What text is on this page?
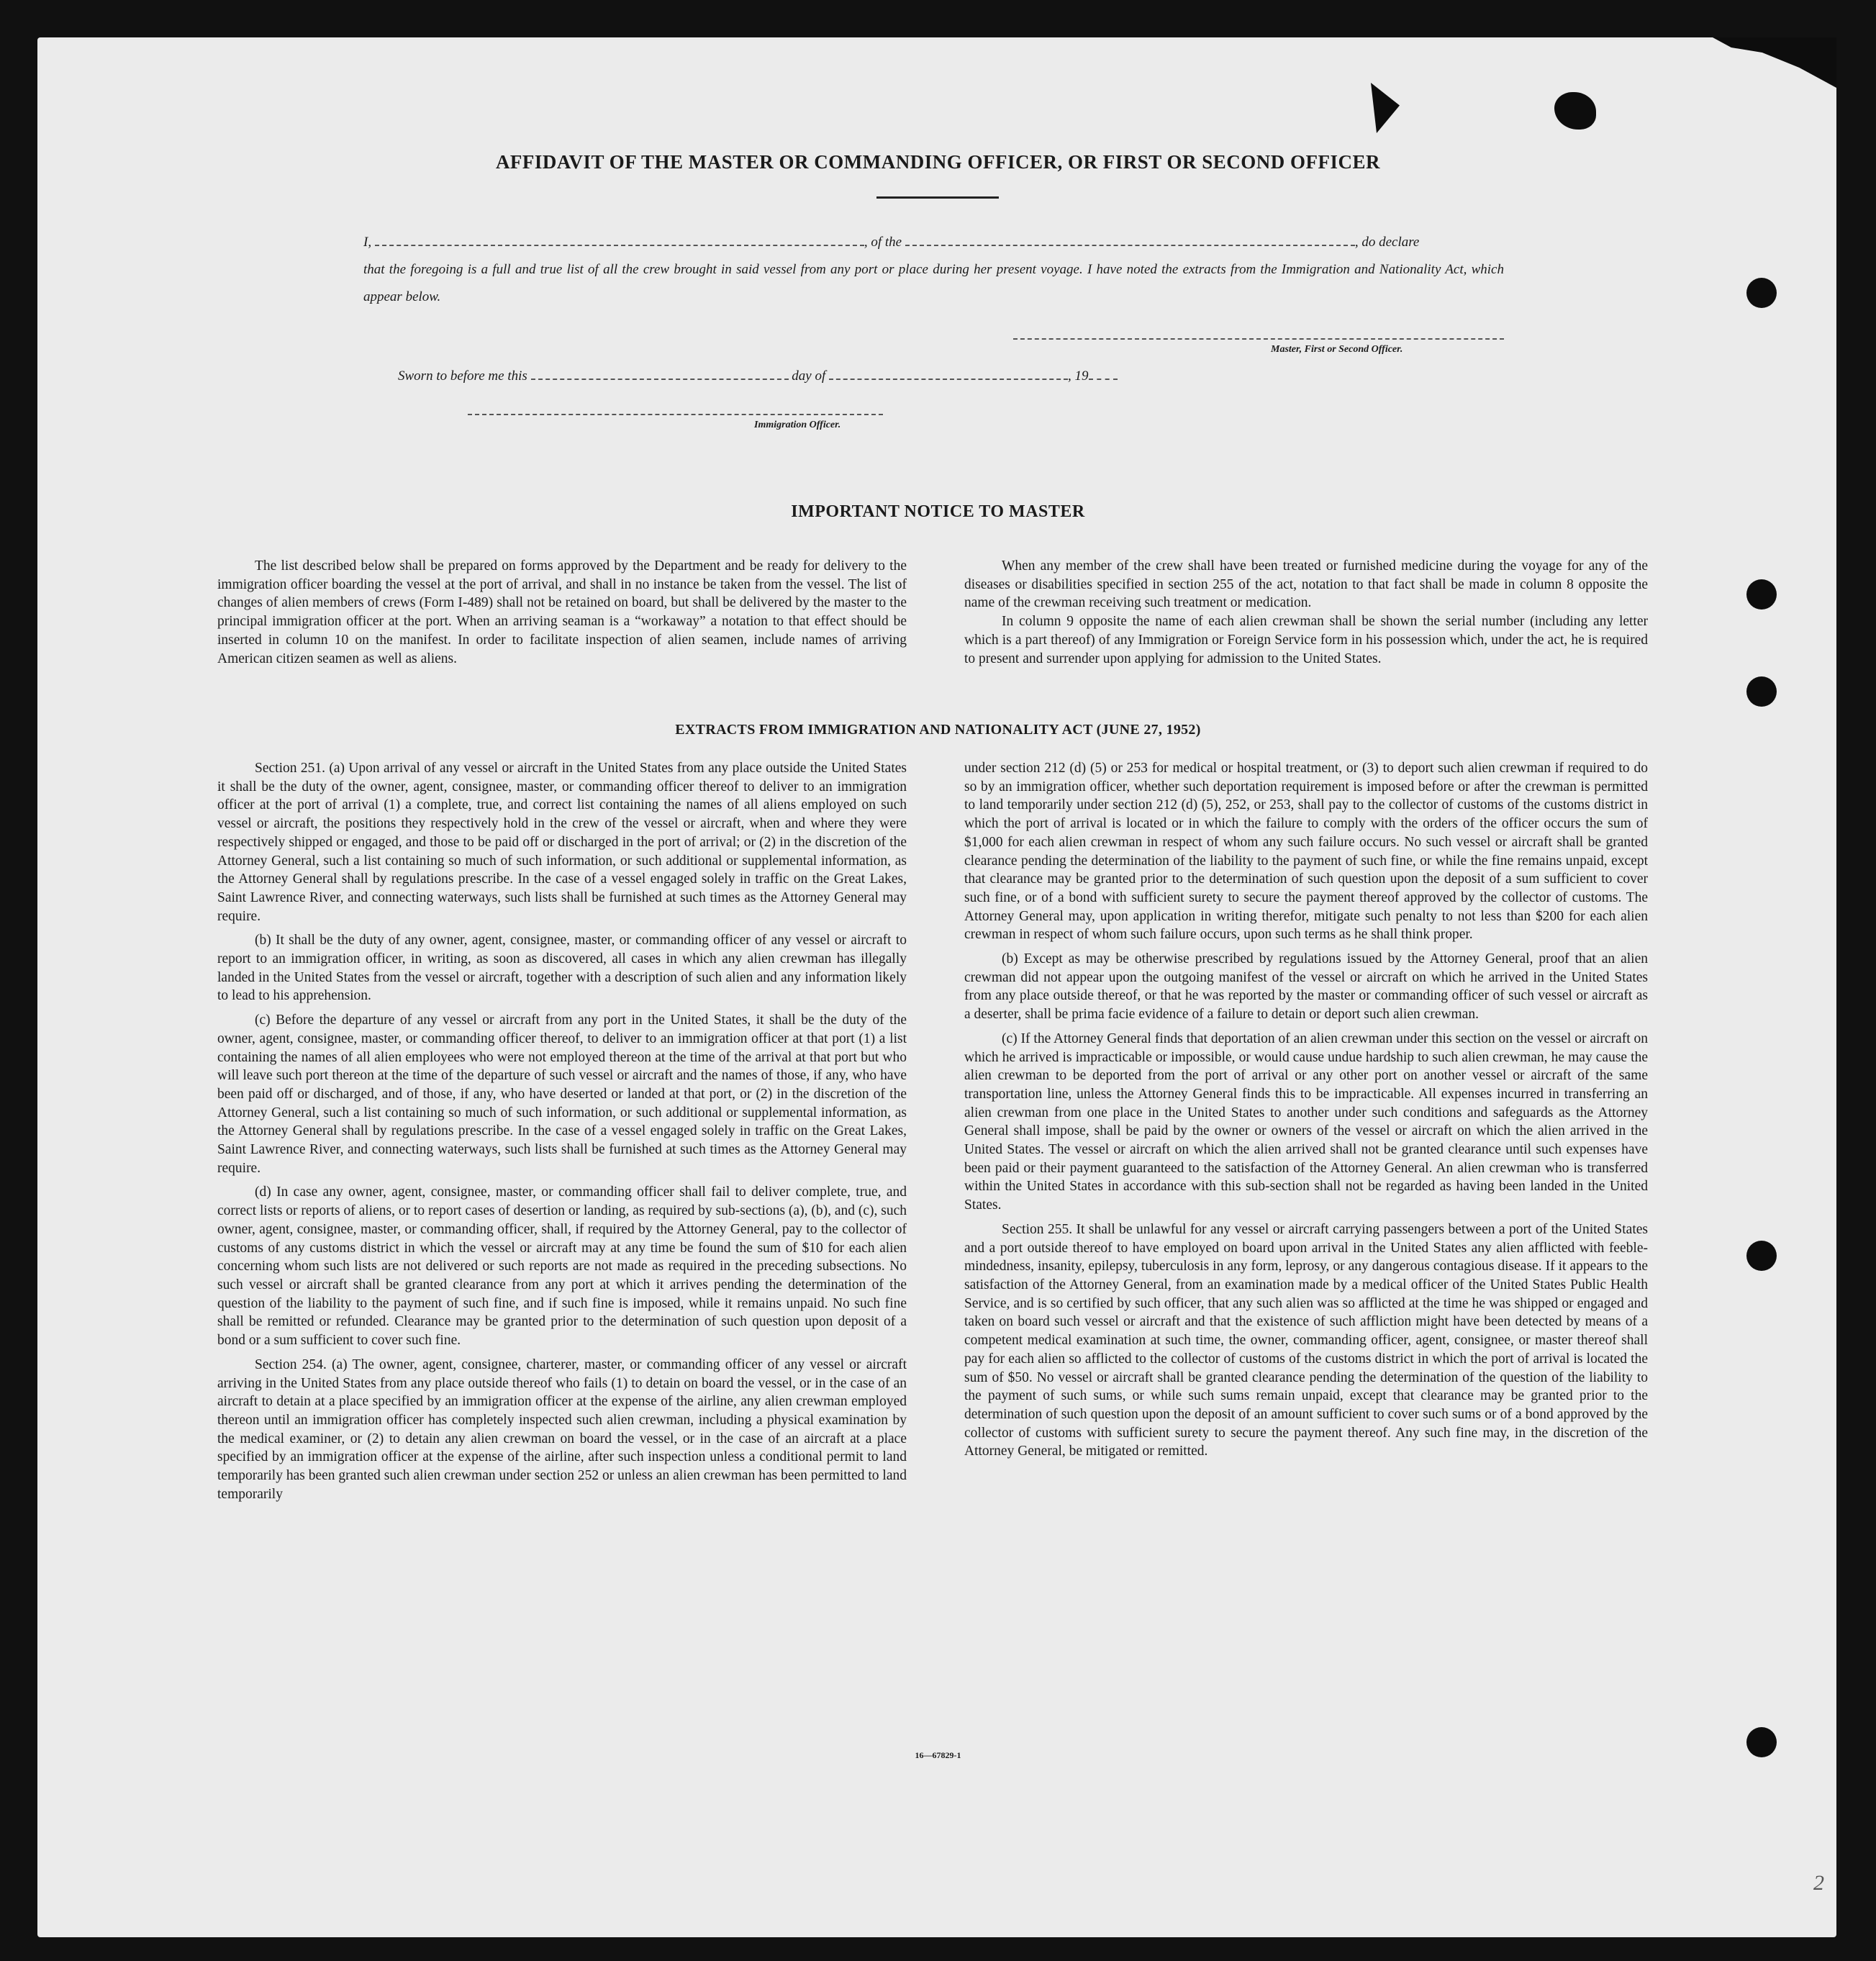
AFFIDAVIT OF THE MASTER OR COMMANDING OFFICER, OR FIRST OR SECOND OFFICER
I,	, of the	, do declare
that the foregoing is a full and true list of all the crew brought in said vessel from any port or place during her present voyage. I have noted the extracts from the Immigration and Nationality Act, which appear below.
Master, First or Second Officer.
Sworn to before me this	day of	, 19
Immigration Officer.
IMPORTANT NOTICE TO MASTER

The list described below shall be prepared on forms approved by the Department and be ready for delivery to the immigration officer boarding the vessel at the port of arrival, and shall in no instance be taken from the vessel. The list of changes of alien members of crews (Form I-489) shall not be retained on board, but shall be delivered by the master to the principal immigration officer at the port. When an arriving seaman is a “workaway” a notation to that effect should be inserted in column 10 on the manifest. In order to facilitate inspection of alien seamen, include names of arriving American citizen seamen as well as aliens.

When any member of the crew shall have been treated or furnished medicine during the voyage for any of the diseases or disabilities specified in section 255 of the act, notation to that fact shall be made in column 8 opposite the name of the crewman receiving such treatment or medication.

In column 9 opposite the name of each alien crewman shall be shown the serial number (including any letter which is a part thereof) of any Immigration or Foreign Service form in his possession which, under the act, he is required to present and surrender upon applying for admission to the United States.

EXTRACTS FROM IMMIGRATION AND NATIONALITY ACT (JUNE 27, 1952)

Section 251. (a) Upon arrival of any vessel or aircraft in the United States from any place outside the United States it shall be the duty of the owner, agent, consignee, master, or commanding officer thereof to deliver to an immigration officer at the port of arrival (1) a complete, true, and correct list containing the names of all aliens employed on such vessel or aircraft, the positions they respectively hold in the crew of the vessel or aircraft, when and where they were respectively shipped or engaged, and those to be paid off or discharged in the port of arrival; or (2) in the discretion of the Attorney General, such a list containing so much of such information, or such additional or supplemental information, as the Attorney General shall by regulations prescribe. In the case of a vessel engaged solely in traffic on the Great Lakes, Saint Lawrence River, and connecting waterways, such lists shall be furnished at such times as the Attorney General may require.

(b) It shall be the duty of any owner, agent, consignee, master, or commanding officer of any vessel or aircraft to report to an immigration officer, in writing, as soon as discovered, all cases in which any alien crewman has illegally landed in the United States from the vessel or aircraft, together with a description of such alien and any information likely to lead to his apprehension.

(c) Before the departure of any vessel or aircraft from any port in the United States, it shall be the duty of the owner, agent, consignee, master, or commanding officer thereof, to deliver to an immigration officer at that port (1) a list containing the names of all alien employees who were not employed thereon at the time of the arrival at that port but who will leave such port thereon at the time of the departure of such vessel or aircraft and the names of those, if any, who have been paid off or discharged, and of those, if any, who have deserted or landed at that port, or (2) in the discretion of the Attorney General, such a list containing so much of such information, or such additional or supplemental information, as the Attorney General shall by regulations prescribe. In the case of a vessel engaged solely in traffic on the Great Lakes, Saint Lawrence River, and connecting waterways, such lists shall be furnished at such times as the Attorney General may require.

(d) In case any owner, agent, consignee, master, or commanding officer shall fail to deliver complete, true, and correct lists or reports of aliens, or to report cases of desertion or landing, as required by sub-sections (a), (b), and (c), such owner, agent, consignee, master, or commanding officer, shall, if required by the Attorney General, pay to the collector of customs of any customs district in which the vessel or aircraft may at any time be found the sum of $10 for each alien concerning whom such lists are not delivered or such reports are not made as required in the preceding subsections. No such vessel or aircraft shall be granted clearance from any port at which it arrives pending the determination of the question of the liability to the payment of such fine, and if such fine is imposed, while it remains unpaid. No such fine shall be remitted or refunded. Clearance may be granted prior to the determination of such question upon deposit of a bond or a sum sufficient to cover such fine.

Section 254. (a) The owner, agent, consignee, charterer, master, or commanding officer of any vessel or aircraft arriving in the United States from any place outside thereof who fails (1) to detain on board the vessel, or in the case of an aircraft to detain at a place specified by an immigration officer at the expense of the airline, any alien crewman employed thereon until an immigration officer has completely inspected such alien crewman, including a physical examination by the medical examiner, or (2) to detain any alien crewman on board the vessel, or in the case of an aircraft at a place specified by an immigration officer at the expense of the airline, after such inspection unless a conditional permit to land temporarily has been granted such alien crewman under section 252 or unless an alien crewman has been permitted to land temporarily

under section 212 (d) (5) or 253 for medical or hospital treatment, or (3) to deport such alien crewman if required to do so by an immigration officer, whether such deportation requirement is imposed before or after the crewman is permitted to land temporarily under section 212 (d) (5), 252, or 253, shall pay to the collector of customs of the customs district in which the port of arrival is located or in which the failure to comply with the orders of the officer occurs the sum of $1,000 for each alien crewman in respect of whom any such failure occurs. No such vessel or aircraft shall be granted clearance pending the determination of the liability to the payment of such fine, or while the fine remains unpaid, except that clearance may be granted prior to the determination of such question upon the deposit of a sum sufficient to cover such fine, or of a bond with sufficient surety to secure the payment thereof approved by the collector of customs. The Attorney General may, upon application in writing therefor, mitigate such penalty to not less than $200 for each alien crewman in respect of whom such failure occurs, upon such terms as he shall think proper.

(b) Except as may be otherwise prescribed by regulations issued by the Attorney General, proof that an alien crewman did not appear upon the outgoing manifest of the vessel or aircraft on which he arrived in the United States from any place outside thereof, or that he was reported by the master or commanding officer of such vessel or aircraft as a deserter, shall be prima facie evidence of a failure to detain or deport such alien crewman.

(c) If the Attorney General finds that deportation of an alien crewman under this section on the vessel or aircraft on which he arrived is impracticable or impossible, or would cause undue hardship to such alien crewman, he may cause the alien crewman to be deported from the port of arrival or any other port on another vessel or aircraft of the same transportation line, unless the Attorney General finds this to be impracticable. All expenses incurred in transferring an alien crewman from one place in the United States to another under such conditions and safeguards as the Attorney General shall impose, shall be paid by the owner or owners of the vessel or aircraft on which the alien arrived in the United States. The vessel or aircraft on which the alien arrived shall not be granted clearance until such expenses have been paid or their payment guaranteed to the satisfaction of the Attorney General. An alien crewman who is transferred within the United States in accordance with this sub-section shall not be regarded as having been landed in the United States.

Section 255. It shall be unlawful for any vessel or aircraft carrying passengers between a port of the United States and a port outside thereof to have employed on board upon arrival in the United States any alien afflicted with feeble-mindedness, insanity, epilepsy, tuberculosis in any form, leprosy, or any dangerous contagious disease. If it appears to the satisfaction of the Attorney General, from an examination made by a medical officer of the United States Public Health Service, and is so certified by such officer, that any such alien was so afflicted at the time he was shipped or engaged and taken on board such vessel or aircraft and that the existence of such affliction might have been detected by means of a competent medical examination at such time, the owner, commanding officer, agent, consignee, or master thereof shall pay for each alien so afflicted to the collector of customs of the customs district in which the port of arrival is located the sum of $50. No vessel or aircraft shall be granted clearance pending the determination of the question of the liability to the payment of such sums, or while such sums remain unpaid, except that clearance may be granted prior to the determination of such question upon the deposit of an amount sufficient to cover such sums or of a bond approved by the collector of customs with sufficient surety to secure the payment thereof. Any such fine may, in the discretion of the Attorney General, be mitigated or remitted.

16—67829-1
2
